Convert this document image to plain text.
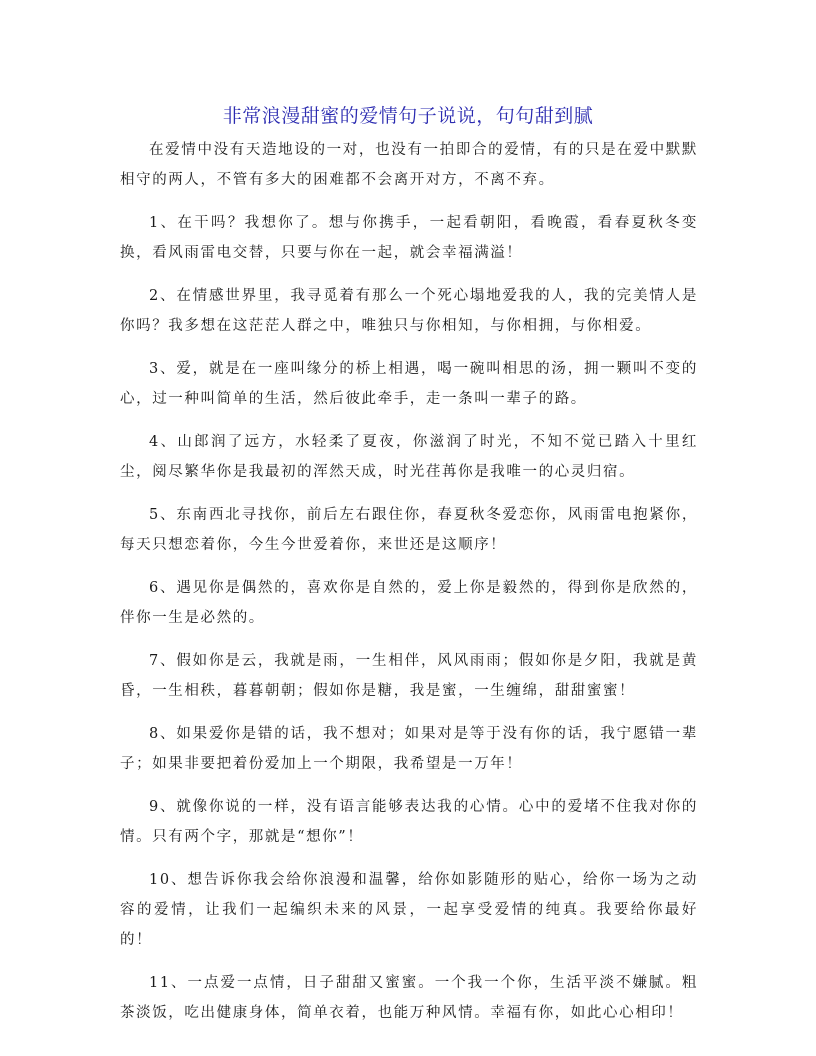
非常浪漫甜蜜的爱情句子说说，句句甜到腻

在爱情中没有天造地设的一对，也没有一拍即合的爱情，有的只是在爱中默默相守的两人，不管有多大的困难都不会离开对方，不离不弃。

1、在干吗？我想你了。想与你携手，一起看朝阳，看晚霞，看春夏秋冬变换，看风雨雷电交替，只要与你在一起，就会幸福满溢！

2、在情感世界里，我寻觅着有那么一个死心塌地爱我的人，我的完美情人是你吗？我多想在这茫茫人群之中，唯独只与你相知，与你相拥，与你相爱。

3、爱，就是在一座叫缘分的桥上相遇，喝一碗叫相思的汤，拥一颗叫不变的心，过一种叫简单的生活，然后彼此牵手，走一条叫一辈子的路。

4、山郎润了远方，水轻柔了夏夜，你滋润了时光，不知不觉已踏入十里红尘，阅尽繁华你是我最初的浑然天成，时光荏苒你是我唯一的心灵归宿。

5、东南西北寻找你，前后左右跟住你，春夏秋冬爱恋你，风雨雷电抱紧你，每天只想恋着你，今生今世爱着你，来世还是这顺序！

6、遇见你是偶然的，喜欢你是自然的，爱上你是毅然的，得到你是欣然的，伴你一生是必然的。

7、假如你是云，我就是雨，一生相伴，风风雨雨；假如你是夕阳，我就是黄昏，一生相秩，暮暮朝朝；假如你是糖，我是蜜，一生缠绵，甜甜蜜蜜！

8、如果爱你是错的话，我不想对；如果对是等于没有你的话，我宁愿错一辈子；如果非要把着份爱加上一个期限，我希望是一万年！

9、就像你说的一样，没有语言能够表达我的心情。心中的爱堵不住我对你的情。只有两个字，那就是“想你”！

10、想告诉你我会给你浪漫和温馨，给你如影随形的贴心，给你一场为之动容的爱情，让我们一起编织未来的风景，一起享受爱情的纯真。我要给你最好的！

11、一点爱一点情，日子甜甜又蜜蜜。一个我一个你，生活平淡不嫌腻。粗茶淡饭，吃出健康身体，简单衣着，也能万种风情。幸福有你，如此心心相印！
